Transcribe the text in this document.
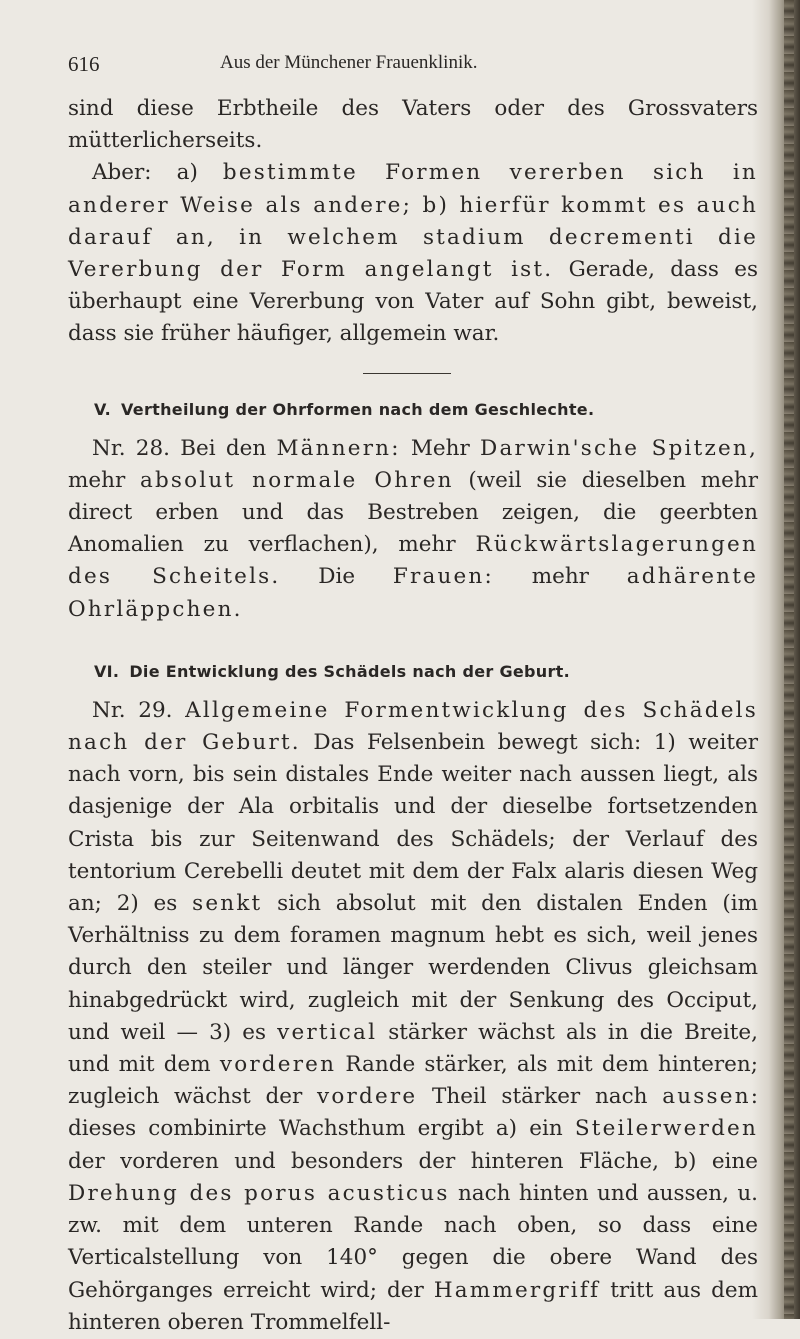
616	Aus der Münchener Frauenklinik.

sind diese Erbtheile des Vaters oder des Grossvaters mütterlicherseits.

Aber: a) bestimmte Formen vererben sich in anderer Weise als andere; b) hierfür kommt es auch darauf an, in welchem stadium decrementi die Vererbung der Form angelangt ist. Gerade, dass es überhaupt eine Vererbung von Vater auf Sohn gibt, beweist, dass sie früher häufiger, allgemein war.

V. Vertheilung der Ohrformen nach dem Geschlechte.

Nr. 28. Bei den Männern: Mehr Darwin'sche Spitzen, mehr absolut normale Ohren (weil sie dieselben mehr direct erben und das Bestreben zeigen, die geerbten Anomalien zu verflachen), mehr Rückwärtslagerungen des Scheitels. Die Frauen: mehr adhärente Ohrläppchen.

VI. Die Entwicklung des Schädels nach der Geburt.

Nr. 29. Allgemeine Formentwicklung des Schädels nach der Geburt. Das Felsenbein bewegt sich: 1) weiter nach vorn, bis sein distales Ende weiter nach aussen liegt, als dasjenige der Ala orbitalis und der dieselbe fortsetzenden Crista bis zur Seitenwand des Schädels; der Verlauf des tentorium Cerebelli deutet mit dem der Falx alaris diesen Weg an; 2) es senkt sich absolut mit den distalen Enden (im Verhältniss zu dem foramen magnum hebt es sich, weil jenes durch den steiler und länger werdenden Clivus gleichsam hinabgedrückt wird, zugleich mit der Senkung des Occiput, und weil — 3) es vertical stärker wächst als in die Breite, und mit dem vorderen Rande stärker, als mit dem hinteren; zugleich wächst der vordere Theil stärker nach aussen: dieses combinirte Wachsthum ergibt a) ein Steilerwerden der vorderen und besonders der hinteren Fläche, b) eine Drehung des porus acusticus nach hinten und aussen, u. zw. mit dem unteren Rande nach oben, so dass eine Verticalstellung von 140° gegen die obere Wand des Gehörganges erreicht wird; der Hammergriff tritt aus dem hinteren oberen Trommelfell-
